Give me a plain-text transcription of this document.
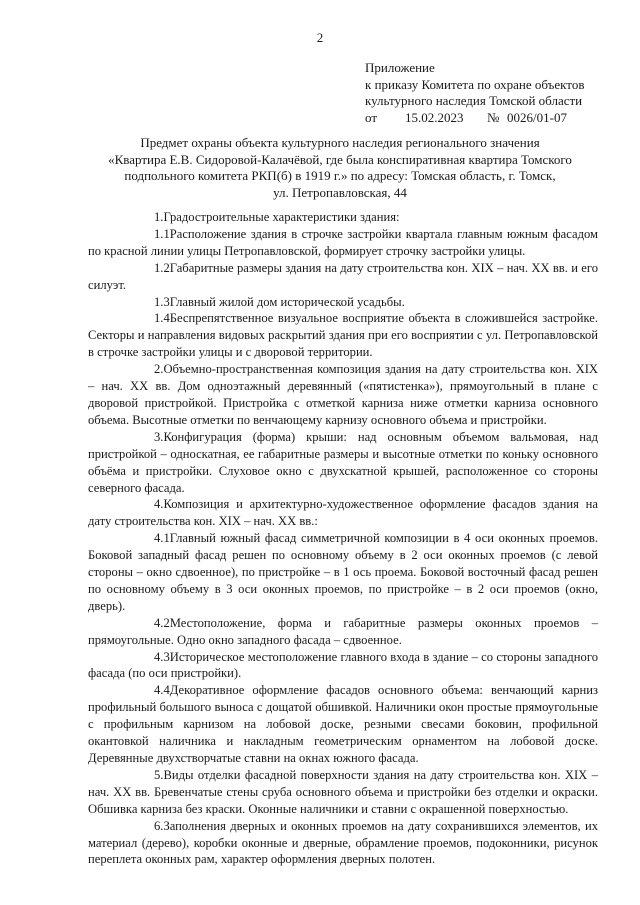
2
Приложение
к приказу Комитета по охране объектов
культурного наследия Томской области
от 15.02.2023 № 0026/01-07
Предмет охраны объекта культурного наследия регионального значения
«Квартира Е.В. Сидоровой-Калачёвой, где была конспиративная квартира Томского
подпольного комитета РКП(б) в 1919 г.» по адресу: Томская область, г. Томск,
ул. Петропавловская, 44

1.Градостроительные характеристики здания:

1.1Расположение здания в строчке застройки квартала главным южным фасадом по красной линии улицы Петропавловской, формирует строчку застройки улицы.

1.2Габаритные размеры здания на дату строительства кон. XIX – нач. XX вв. и его силуэт.

1.3Главный жилой дом исторической усадьбы.

1.4Беспрепятственное визуальное восприятие объекта в сложившейся застройке. Секторы и направления видовых раскрытий здания при его восприятии с ул. Петропавловской в строчке застройки улицы и с дворовой территории.

2.Объемно-пространственная композиция здания на дату строительства кон. XIX – нач. XX вв. Дом одноэтажный деревянный («пятистенка»), прямоугольный в плане с дворовой пристройкой. Пристройка с отметкой карниза ниже отметки карниза основного объема. Высотные отметки по венчающему карнизу основного объема и пристройки.

3.Конфигурация (форма) крыши: над основным объемом вальмовая, над пристройкой – односкатная, ее габаритные размеры и высотные отметки по коньку основного объёма и пристройки. Слуховое окно с двухскатной крышей, расположенное со стороны северного фасада.

4.Композиция и архитектурно-художественное оформление фасадов здания на дату строительства кон. XIX – нач. XX вв.:

4.1Главный южный фасад симметричной композиции в 4 оси оконных проемов. Боковой западный фасад решен по основному объему в 2 оси оконных проемов (с левой стороны – окно сдвоенное), по пристройке – в 1 ось проема. Боковой восточный фасад решен по основному объему в 3 оси оконных проемов, по пристройке – в 2 оси проемов (окно, дверь).

4.2Местоположение, форма и габаритные размеры оконных проемов – прямоугольные. Одно окно западного фасада – сдвоенное.

4.3Историческое местоположение главного входа в здание – со стороны западного фасада (по оси пристройки).

4.4Декоративное оформление фасадов основного объема: венчающий карниз профильный большого выноса с дощатой обшивкой. Наличники окон простые прямоугольные с профильным карнизом на лобовой доске, резными свесами боковин, профильной окантовкой наличника и накладным геометрическим орнаментом на лобовой доске. Деревянные двухстворчатые ставни на окнах южного фасада.

5.Виды отделки фасадной поверхности здания на дату строительства кон. XIX – нач. XX вв. Бревенчатые стены сруба основного объема и пристройки без отделки и окраски. Обшивка карниза без краски. Оконные наличники и ставни с окрашенной поверхностью.

6.Заполнения дверных и оконных проемов на дату сохранившихся элементов, их материал (дерево), коробки оконные и дверные, обрамление проемов, подоконники, рисунок переплета оконных рам, характер оформления дверных полотен.
